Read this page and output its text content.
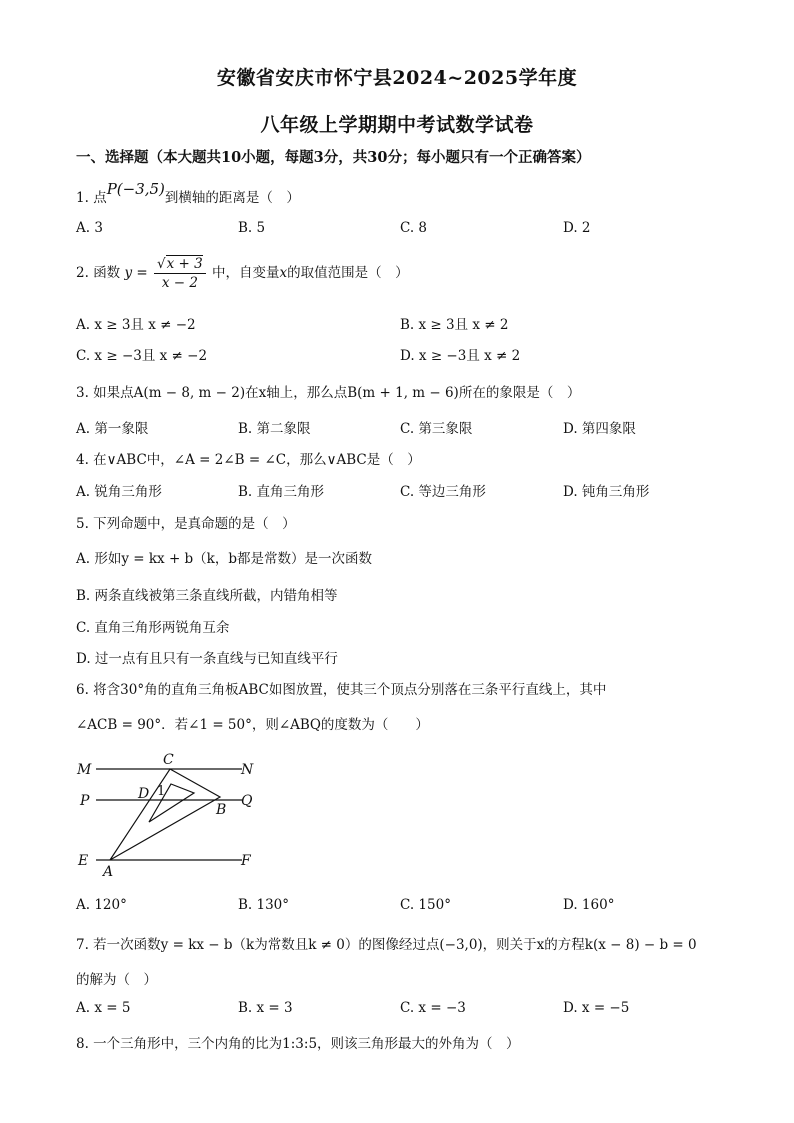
安徽省安庆市怀宁县2024~2025学年度
八年级上学期期中考试数学试卷
一、选择题（本大题共10小题，每题3分，共30分；每小题只有一个正确答案）
1. 点P(−3,5)到横轴的距离是（　）
A. 3	B. 5	C. 8	D. 2
2. 函数 $y = \frac{√x + 3}{x - 2}$ 中，自变量x的取值范围是（　）
A. x ≥ 3且 x ≠ −2	B. x ≥ 3且 x ≠ 2
C. x ≥ −3且 x ≠ −2	D. x ≥ −3且 x ≠ 2
3. 如果点A(m − 8, m − 2)在x轴上，那么点B(m + 1, m − 6)所在的象限是（　）
A. 第一象限	B. 第二象限	C. 第三象限	D. 第四象限
4. 在∨ABC中，∠A = 2∠B = ∠C，那么∨ABC是（　）
A. 锐角三角形	B. 直角三角形	C. 等边三角形	D. 钝角三角形
5. 下列命题中，是真命题的是（　）
A. 形如y = kx + b（k，b都是常数）是一次函数
B. 两条直线被第三条直线所截，内错角相等
C. 直角三角形两锐角互余
D. 过一点有且只有一条直线与已知直线平行
6. 将含30°角的直角三角板ABC如图放置，使其三个顶点分别落在三条平行直线上，其中
∠ACB = 90°．若∠1 = 50°，则∠ABQ的度数为（　　）
M
C
N
P	D 1
B
Q
E
A
F
A. 120°	B. 130°	C. 150°	D. 160°
7. 若一次函数y = kx − b（k为常数且k ≠ 0）的图像经过点(−3,0)，则关于x的方程k(x − 8) − b = 0
的解为（　）
A. x = 5	B. x = 3	C. x = −3	D. x = −5
8. 一个三角形中，三个内角的比为1:3:5，则该三角形最大的外角为（　）
